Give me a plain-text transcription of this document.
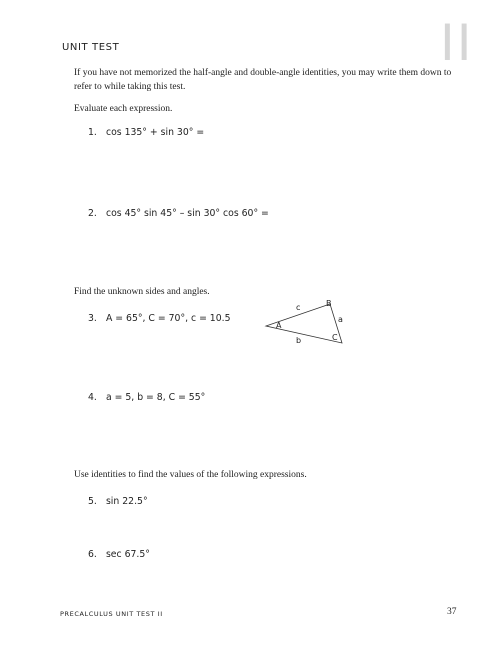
UNIT TEST	II
If you have not memorized the half-angle and double-angle identities, you may write them down to refer to while taking this test.
Evaluate each expression.
1. cos 135° + sin 30° =
2. cos 45° sin 45° – sin 30° cos 60° =
Find the unknown sides and angles.
3. A = 65°, C = 70°, c = 10.5
A
B
C
a
b
c
4. a = 5, b = 8, C = 55°
Use identities to find the values of the following expressions.
5. sin 22.5°
6. sec 67.5°
PRECALCULUS UNIT TEST II	37
